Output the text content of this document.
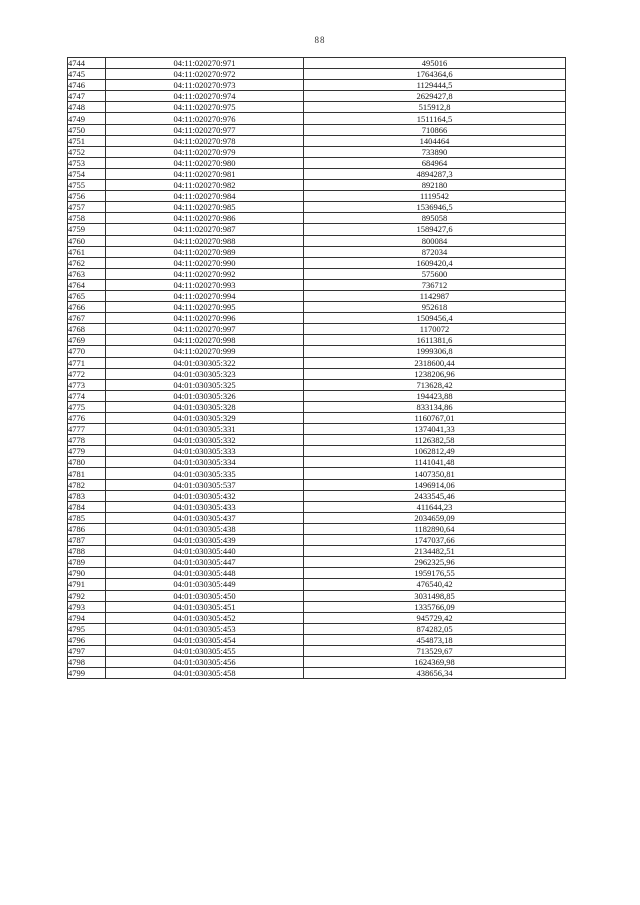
88
4744	04:11:020270:971	495016
4745	04:11:020270:972	1764364,6
4746	04:11:020270:973	1129444,5
4747	04:11:020270:974	2629427,8
4748	04:11:020270:975	515912,8
4749	04:11:020270:976	1511164,5
4750	04:11:020270:977	710866
4751	04:11:020270:978	1404464
4752	04:11:020270:979	733890
4753	04:11:020270:980	684964
4754	04:11:020270:981	4894287,3
4755	04:11:020270:982	892180
4756	04:11:020270:984	1119542
4757	04:11:020270:985	1536946,5
4758	04:11:020270:986	895058
4759	04:11:020270:987	1589427,6
4760	04:11:020270:988	800084
4761	04:11:020270:989	872034
4762	04:11:020270:990	1609420,4
4763	04:11:020270:992	575600
4764	04:11:020270:993	736712
4765	04:11:020270:994	1142987
4766	04:11:020270:995	952618
4767	04:11:020270:996	1509456,4
4768	04:11:020270:997	1170072
4769	04:11:020270:998	1611381,6
4770	04:11:020270:999	1999306,8
4771	04:01:030305:322	2318600,44
4772	04:01:030305:323	1238206,96
4773	04:01:030305:325	713628,42
4774	04:01:030305:326	194423,88
4775	04:01:030305:328	833134,86
4776	04:01:030305:329	1160767,01
4777	04:01:030305:331	1374041,33
4778	04:01:030305:332	1126382,58
4779	04:01:030305:333	1062812,49
4780	04:01:030305:334	1141041,48
4781	04:01:030305:335	1407350,81
4782	04:01:030305:537	1496914,06
4783	04:01:030305:432	2433545,46
4784	04:01:030305:433	411644,23
4785	04:01:030305:437	2034659,09
4786	04:01:030305:438	1182890,64
4787	04:01:030305:439	1747037,66
4788	04:01:030305:440	2134482,51
4789	04:01:030305:447	2962325,96
4790	04:01:030305:448	1959176,55
4791	04:01:030305:449	476540,42
4792	04:01:030305:450	3031498,85
4793	04:01:030305:451	1335766,09
4794	04:01:030305:452	945729,42
4795	04:01:030305:453	874282,05
4796	04:01:030305:454	454873,18
4797	04:01:030305:455	713529,67
4798	04:01:030305:456	1624369,98
4799	04:01:030305:458	438656,34
